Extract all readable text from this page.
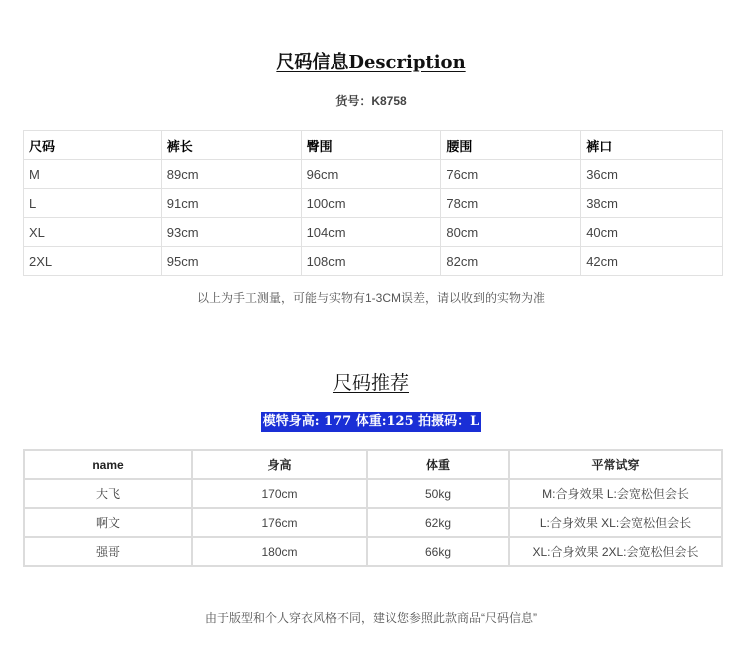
尺码信息Description
货号：K8758
尺码	裤长	臀围	腰围	裤口
M	89cm	96cm	76cm	36cm
L	91cm	100cm	78cm	38cm
XL	93cm	104cm	80cm	40cm
2XL	95cm	108cm	82cm	42cm
以上为手工测量，可能与实物有1-3CM误差，请以收到的实物为准
尺码推荐
模特身高: 177 体重:125 拍摄码：L
name	身高	体重	平常试穿
大飞	170cm	50kg	M:合身效果 L:会宽松但会长
啊文	176cm	62kg	L:合身效果 XL:会宽松但会长
强哥	180cm	66kg	XL:合身效果 2XL:会宽松但会长
由于版型和个人穿衣风格不同，建议您参照此款商品“尺码信息”
